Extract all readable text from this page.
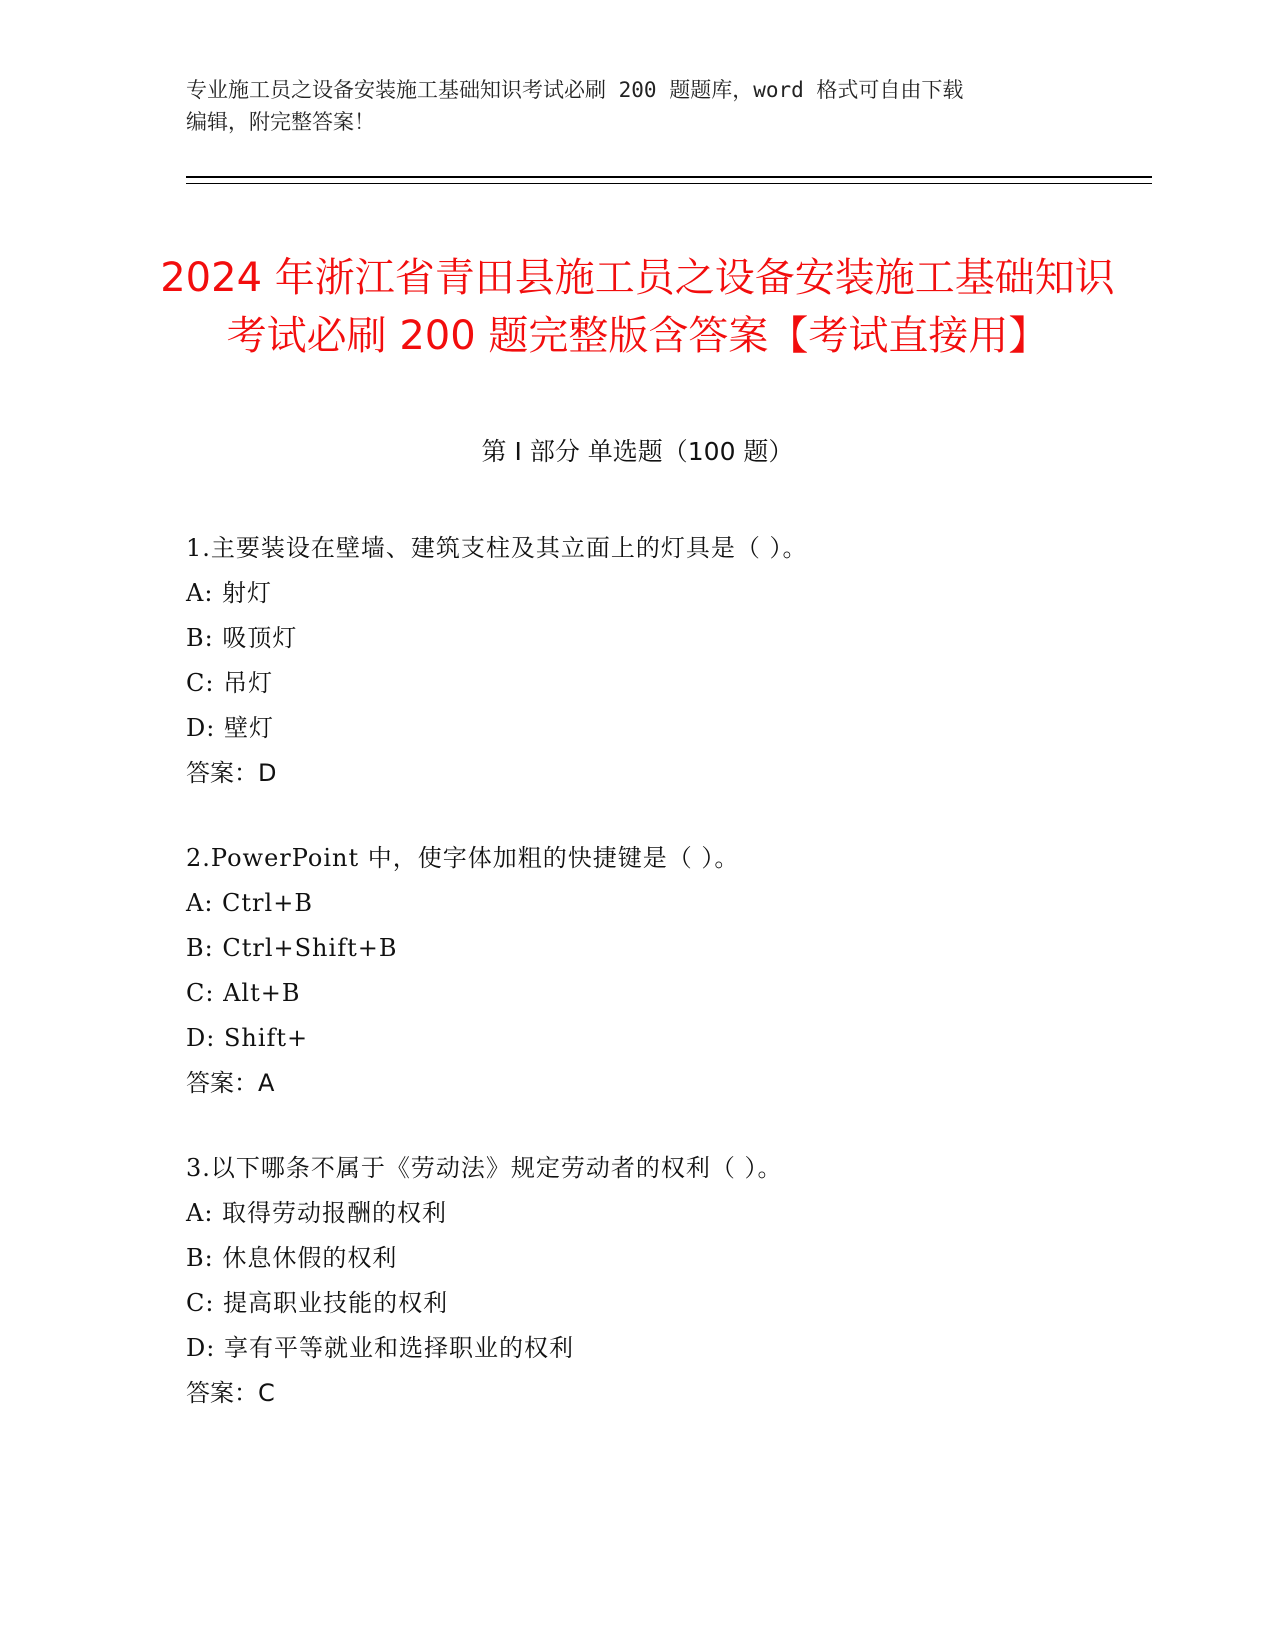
专业施工员之设备安装施工基础知识考试必刷 200 题题库，word 格式可自由下载
编辑，附完整答案！
2024 年浙江省青田县施工员之设备安装施工基础知识考试必刷 200 题完整版含答案【考试直接用】
第 I 部分 单选题（100 题）
1.主要装设在壁墙、建筑支柱及其立面上的灯具是（ ）。
A: 射灯
B: 吸顶灯
C: 吊灯
D: 壁灯
答案：D
2.PowerPoint 中，使字体加粗的快捷键是（ ）。
A: Ctrl+B
B: Ctrl+Shift+B
C: Alt+B
D: Shift+
答案：A
3.以下哪条不属于《劳动法》规定劳动者的权利（ ）。
A: 取得劳动报酬的权利
B: 休息休假的权利
C: 提高职业技能的权利
D: 享有平等就业和选择职业的权利
答案：C
